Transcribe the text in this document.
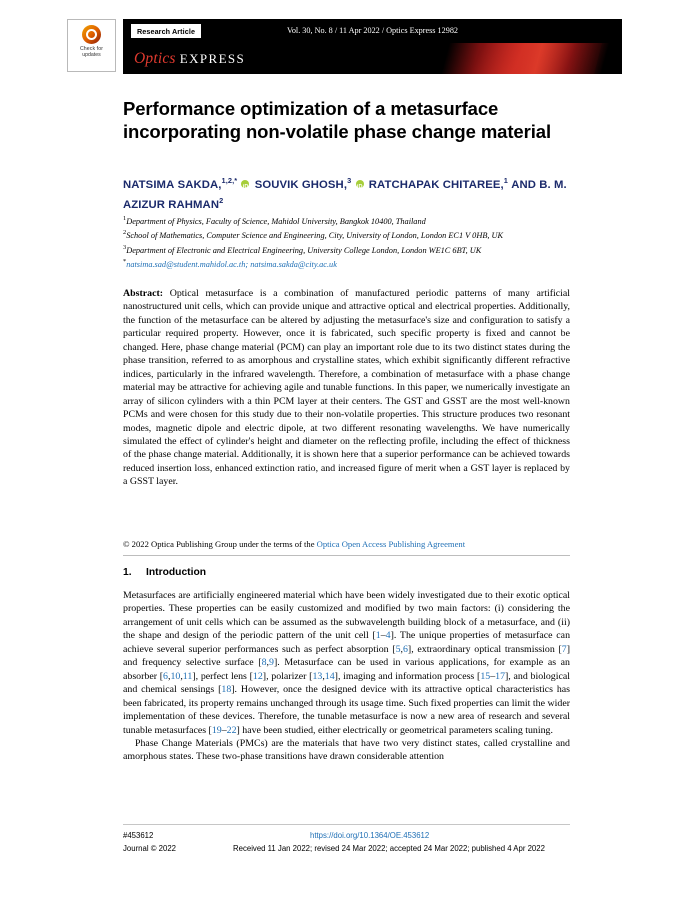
Check for
updates
Research Article	Vol. 30, No. 8 / 11 Apr 2022 / Optics Express 12982
Optics EXPRESS
Performance optimization of a metasurface incorporating non-volatile phase change material
NATSIMA SAKDA,$^{1,2,*}$ iD SOUVIK GHOSH,$^3$ iD RATCHAPAK CHITAREE,$^1$ AND B. M. AZIZUR RAHMAN$^2$
$^1$Department of Physics, Faculty of Science, Mahidol University, Bangkok 10400, Thailand
$^2$School of Mathematics, Computer Science and Engineering, City, University of London, London EC1 V 0HB, UK
$^3$Department of Electronic and Electrical Engineering, University College London, London WE1C 6BT, UK
*natsima.sad@student.mahidol.ac.th; natsima.sakda@city.ac.uk
Abstract: Optical metasurface is a combination of manufactured periodic patterns of many artificial nanostructured unit cells, which can provide unique and attractive optical and electrical properties. Additionally, the function of the metasurface can be altered by adjusting the metasurface's size and configuration to satisfy a particular required property. However, once it is fabricated, such specific property is fixed and cannot be changed. Here, phase change material (PCM) can play an important role due to its two distinct states during the phase transition, referred to as amorphous and crystalline states, which exhibit significantly different refractive indices, particularly in the infrared wavelength. Therefore, a combination of metasurface with a phase change material may be attractive for achieving agile and tunable functions. In this paper, we numerically investigate an array of silicon cylinders with a thin PCM layer at their centers. The GST and GSST are the most well-known PCMs and were chosen for this study due to their non-volatile properties. This structure produces two resonant modes, magnetic dipole and electric dipole, at two different resonating wavelengths. We have numerically simulated the effect of cylinder's height and diameter on the reflecting profile, including the effect of thickness of the phase change material. Additionally, it is shown here that a superior performance can be achieved towards reduced insertion loss, enhanced extinction ratio, and increased figure of merit when a GST layer is replaced by a GSST layer.
© 2022 Optica Publishing Group under the terms of the Optica Open Access Publishing Agreement
1. Introduction

Metasurfaces are artificially engineered material which have been widely investigated due to their exotic optical properties. These properties can be easily customized and modified by two main factors: (i) considering the arrangement of unit cells which can be assumed as the subwavelength building block of a metasurface, and (ii) the shape and design of the periodic pattern of the unit cell [1–4]. The unique properties of metasurface can achieve several superior performances such as perfect absorption [5,6], extraordinary optical transmission [7] and frequency selective surface [8,9]. Metasurface can be used in various applications, for example as an absorber [6,10,11], perfect lens [12], polarizer [13,14], imaging and information process [15–17], and biological and chemical sensings [18]. However, once the designed device with its attractive optical characteristics has been fabricated, its property remains unchanged through its usage time. Such fixed properties can limit the wider implementation of these devices. Therefore, the tunable metasurface is now a new area of research and several tunable metasurfaces [19–22] have been studied, either electrically or geometrical parameters scaling tuning.

Phase Change Materials (PMCs) are the materials that have two very distinct states, called crystalline and amorphous states. These two-phase transitions have drawn considerable attention

#453612
Journal © 2022
https://doi.org/10.1364/OE.453612
Received 11 Jan 2022; revised 24 Mar 2022; accepted 24 Mar 2022; published 4 Apr 2022
